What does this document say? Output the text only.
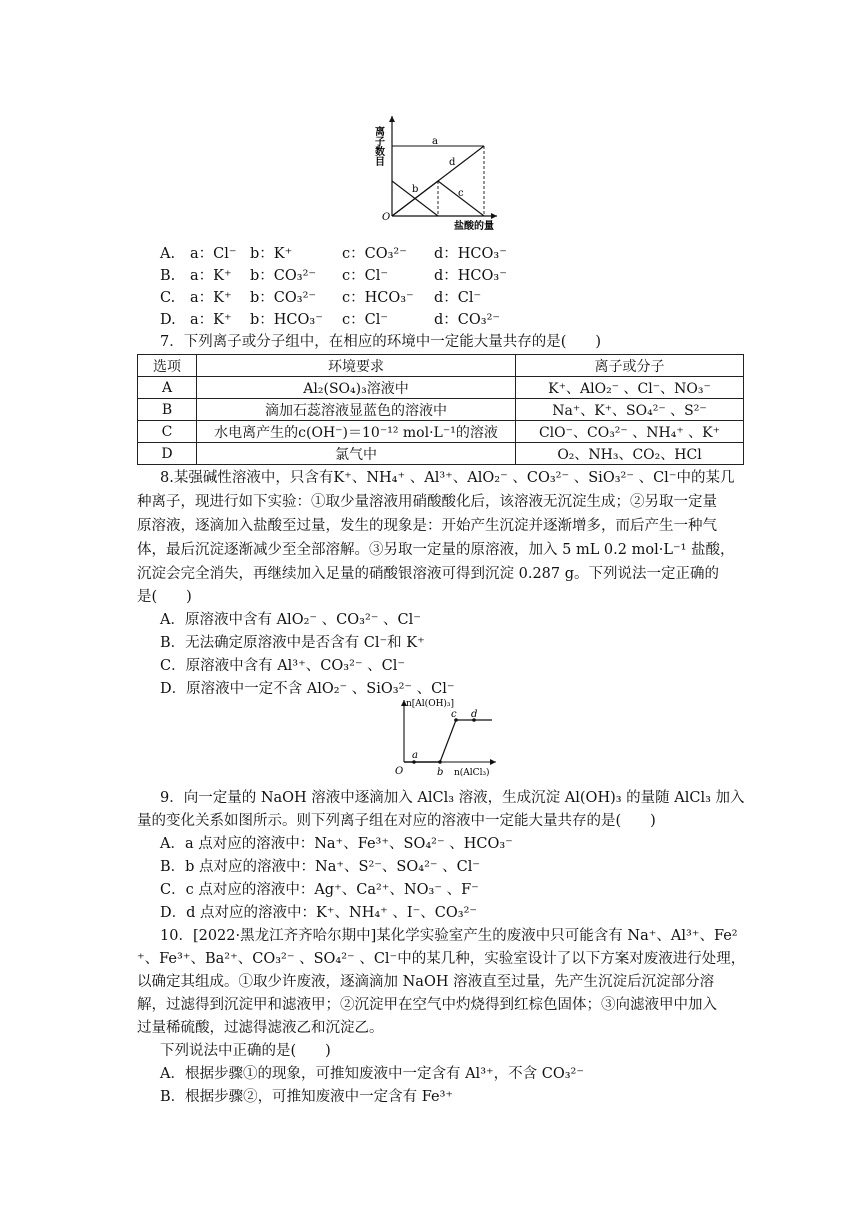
a
b	c
d
O
盐酸的量
离子数目
A. a：Cl⁻ b：K⁺	c：CO₃²⁻ d：HCO₃⁻
B. a：K⁺ b：CO₃²⁻ c：Cl⁻	d：HCO₃⁻
C. a：K⁺ b：CO₃²⁻ c：HCO₃⁻ d：Cl⁻
D. a：K⁺ b：HCO₃⁻ c：Cl⁻	d：CO₃²⁻
7．下列离子或分子组中，在相应的环境中一定能大量共存的是(　　)
选项	环境要求	离子或分子
A	Al₂(SO₄)₃溶液中	K⁺、AlO₂⁻ 、Cl⁻、NO₃⁻
B	滴加石蕊溶液显蓝色的溶液中	Na⁺、K⁺、SO₄²⁻ 、S²⁻
C	水电离产生的c(OH⁻)＝10⁻¹² mol·L⁻¹的溶液	ClO⁻、CO₃²⁻ 、NH₄⁺ 、K⁺
D	氯气中	O₂、NH₃、CO₂、HCl
8.某强碱性溶液中，只含有K⁺、NH₄⁺ 、Al³⁺、AlO₂⁻ 、CO₃²⁻ 、SiO₃²⁻ 、Cl⁻中的某几
种离子，现进行如下实验：①取少量溶液用硝酸酸化后，该溶液无沉淀生成；②另取一定量
原溶液，逐滴加入盐酸至过量，发生的现象是：开始产生沉淀并逐渐增多，而后产生一种气
体，最后沉淀逐渐减少至全部溶解。③另取一定量的原溶液，加入 5 mL 0.2 mol·L⁻¹ 盐酸，
沉淀会完全消失，再继续加入足量的硝酸银溶液可得到沉淀 0.287 g。下列说法一定正确的
是(　　)
A．原溶液中含有 AlO₂⁻ 、CO₃²⁻ 、Cl⁻
B．无法确定原溶液中是否含有 Cl⁻和 K⁺
C．原溶液中含有 Al³⁺、CO₃²⁻ 、Cl⁻
D．原溶液中一定不含 AlO₂⁻ 、SiO₃²⁻ 、Cl⁻
a
b
c d
O
n[Al(OH)₃]
n(AlCl₃)
9．向一定量的 NaOH 溶液中逐滴加入 AlCl₃ 溶液，生成沉淀 Al(OH)₃ 的量随 AlCl₃ 加入
量的变化关系如图所示。则下列离子组在对应的溶液中一定能大量共存的是(　　)
A．a 点对应的溶液中：Na⁺、Fe³⁺、SO₄²⁻ 、HCO₃⁻
B．b 点对应的溶液中：Na⁺、S²⁻、SO₄²⁻ 、Cl⁻
C．c 点对应的溶液中：Ag⁺、Ca²⁺、NO₃⁻ 、F⁻
D．d 点对应的溶液中：K⁺、NH₄⁺ 、I⁻、CO₃²⁻
10．[2022·黑龙江齐齐哈尔期中]某化学实验室产生的废液中只可能含有 Na⁺、Al³⁺、Fe²
⁺、Fe³⁺、Ba²⁺、CO₃²⁻ 、SO₄²⁻ 、Cl⁻中的某几种，实验室设计了以下方案对废液进行处理，
以确定其组成。①取少许废液，逐滴滴加 NaOH 溶液直至过量，先产生沉淀后沉淀部分溶
解，过滤得到沉淀甲和滤液甲；②沉淀甲在空气中灼烧得到红棕色固体；③向滤液甲中加入
过量稀硫酸，过滤得滤液乙和沉淀乙。
下列说法中正确的是(　　)
A．根据步骤①的现象，可推知废液中一定含有 Al³⁺，不含 CO₃²⁻
B．根据步骤②，可推知废液中一定含有 Fe³⁺
